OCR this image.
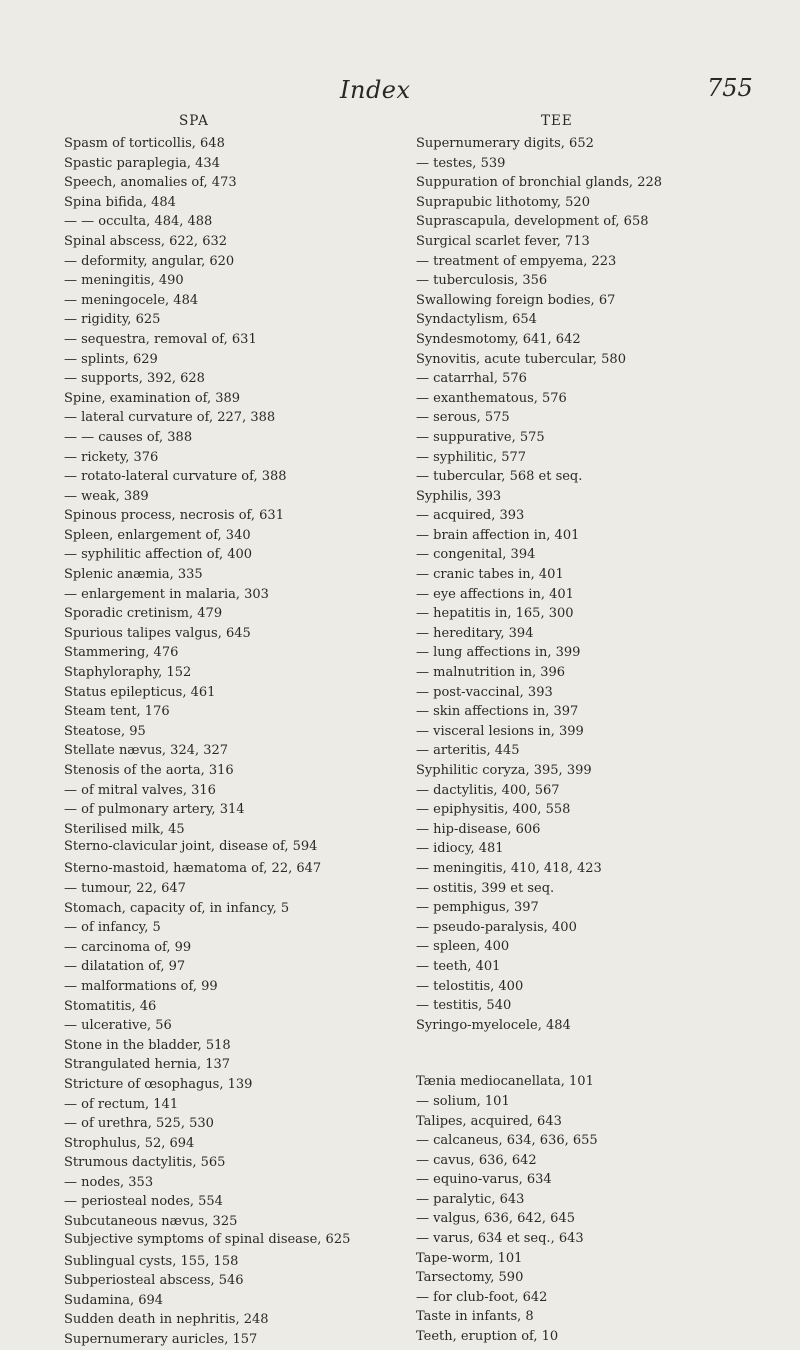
Index	755
SPA	TEE
Spasm of torticollis, 648
Spastic paraplegia, 434
Speech, anomalies of, 473
Spina bifida, 484
— — occulta, 484, 488
Spinal abscess, 622, 632
— deformity, angular, 620
— meningitis, 490
— meningocele, 484
— rigidity, 625
— sequestra, removal of, 631
— splints, 629
— supports, 392, 628
Spine, examination of, 389
— lateral curvature of, 227, 388
— — causes of, 388
— rickety, 376
— rotato-lateral curvature of, 388
— weak, 389
Spinous process, necrosis of, 631
Spleen, enlargement of, 340
— syphilitic affection of, 400
Splenic anæmia, 335
— enlargement in malaria, 303
Sporadic cretinism, 479
Spurious talipes valgus, 645
Stammering, 476
Staphyloraphy, 152
Status epilepticus, 461
Steam tent, 176
Steatose, 95
Stellate nævus, 324, 327
Stenosis of the aorta, 316
— of mitral valves, 316
— of pulmonary artery, 314
Sterilised milk, 45
Sterno-clavicular joint, disease of, 594
Sterno-mastoid, hæmatoma of, 22, 647
— tumour, 22, 647
Stomach, capacity of, in infancy, 5
— of infancy, 5
— carcinoma of, 99
— dilatation of, 97
— malformations of, 99
Stomatitis, 46
— ulcerative, 56
Stone in the bladder, 518
Strangulated hernia, 137
Stricture of œsophagus, 139
— of rectum, 141
— of urethra, 525, 530
Strophulus, 52, 694
Strumous dactylitis, 565
— nodes, 353
— periosteal nodes, 554
Subcutaneous nævus, 325
Subjective symptoms of spinal disease, 625
Sublingual cysts, 155, 158
Subperiosteal abscess, 546
Sudamina, 694
Sudden death in nephritis, 248
Supernumerary auricles, 157
Supernumerary digits, 652
— testes, 539
Suppuration of bronchial glands, 228
Suprapubic lithotomy, 520
Suprascapula, development of, 658
Surgical scarlet fever, 713
— treatment of empyema, 223
— tuberculosis, 356
Swallowing foreign bodies, 67
Syndactylism, 654
Syndesmotomy, 641, 642
Synovitis, acute tubercular, 580
— catarrhal, 576
— exanthematous, 576
— serous, 575
— suppurative, 575
— syphilitic, 577
— tubercular, 568 et seq.
Syphilis, 393
— acquired, 393
— brain affection in, 401
— congenital, 394
— cranic tabes in, 401
— eye affections in, 401
— hepatitis in, 165, 300
— hereditary, 394
— lung affections in, 399
— malnutrition in, 396
— post-vaccinal, 393
— skin affections in, 397
— visceral lesions in, 399
— arteritis, 445
Syphilitic coryza, 395, 399
— dactylitis, 400, 567
— epiphysitis, 400, 558
— hip-disease, 606
— idiocy, 481
— meningitis, 410, 418, 423
— ostitis, 399 et seq.
— pemphigus, 397
— pseudo-paralysis, 400
— spleen, 400
— teeth, 401
— telostitis, 400
— testitis, 540
Syringo-myelocele, 484
Tænia mediocanellata, 101
— solium, 101
Talipes, acquired, 643
— calcaneus, 634, 636, 655
— cavus, 636, 642
— equino-varus, 634
— paralytic, 643
— valgus, 636, 642, 645
— varus, 634 et seq., 643
Tape-worm, 101
Tarsectomy, 590
— for club-foot, 642
Taste in infants, 8
Teeth, eruption of, 10
